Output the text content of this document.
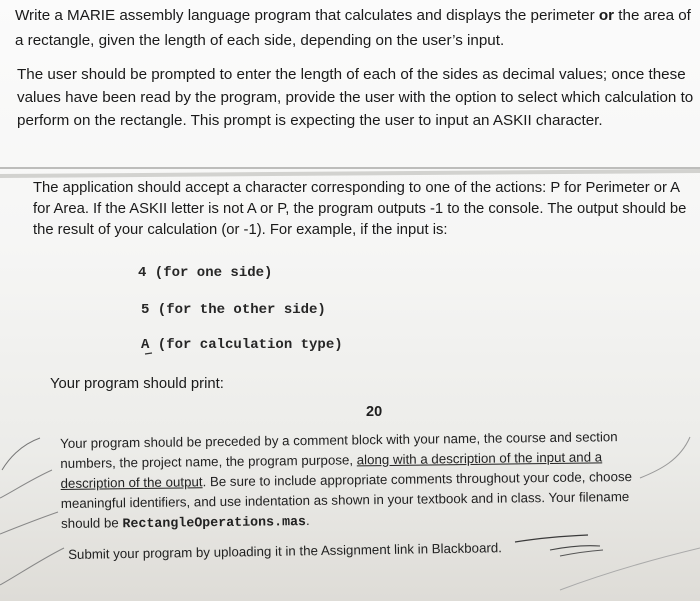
Write a MARIE assembly language program that calculates and displays the perimeter or the area of a rectangle, given the length of each side, depending on the user’s input.

The user should be prompted to enter the length of each of the sides as decimal values; once these values have been read by the program, provide the user with the option to select which calculation to perform on the rectangle. This prompt is expecting the user to input an ASKII character.

The application should accept a character corresponding to one of the actions: P for Perimeter or A for Area. If the ASKII letter is not A or P, the program outputs -1 to the console. The output should be the result of your calculation (or -1). For example, if the input is:

4 (for one side)

5 (for the other side)

A (for calculation type)

Your program should print:

20

Your program should be preceded by a comment block with your name, the course and section numbers, the project name, the program purpose, along with a description of the input and a description of the output. Be sure to include appropriate comments throughout your code, choose meaningful identifiers, and use indentation as shown in your textbook and in class. Your filename should be RectangleOperations.mas.

Submit your program by uploading it in the Assignment link in Blackboard.
